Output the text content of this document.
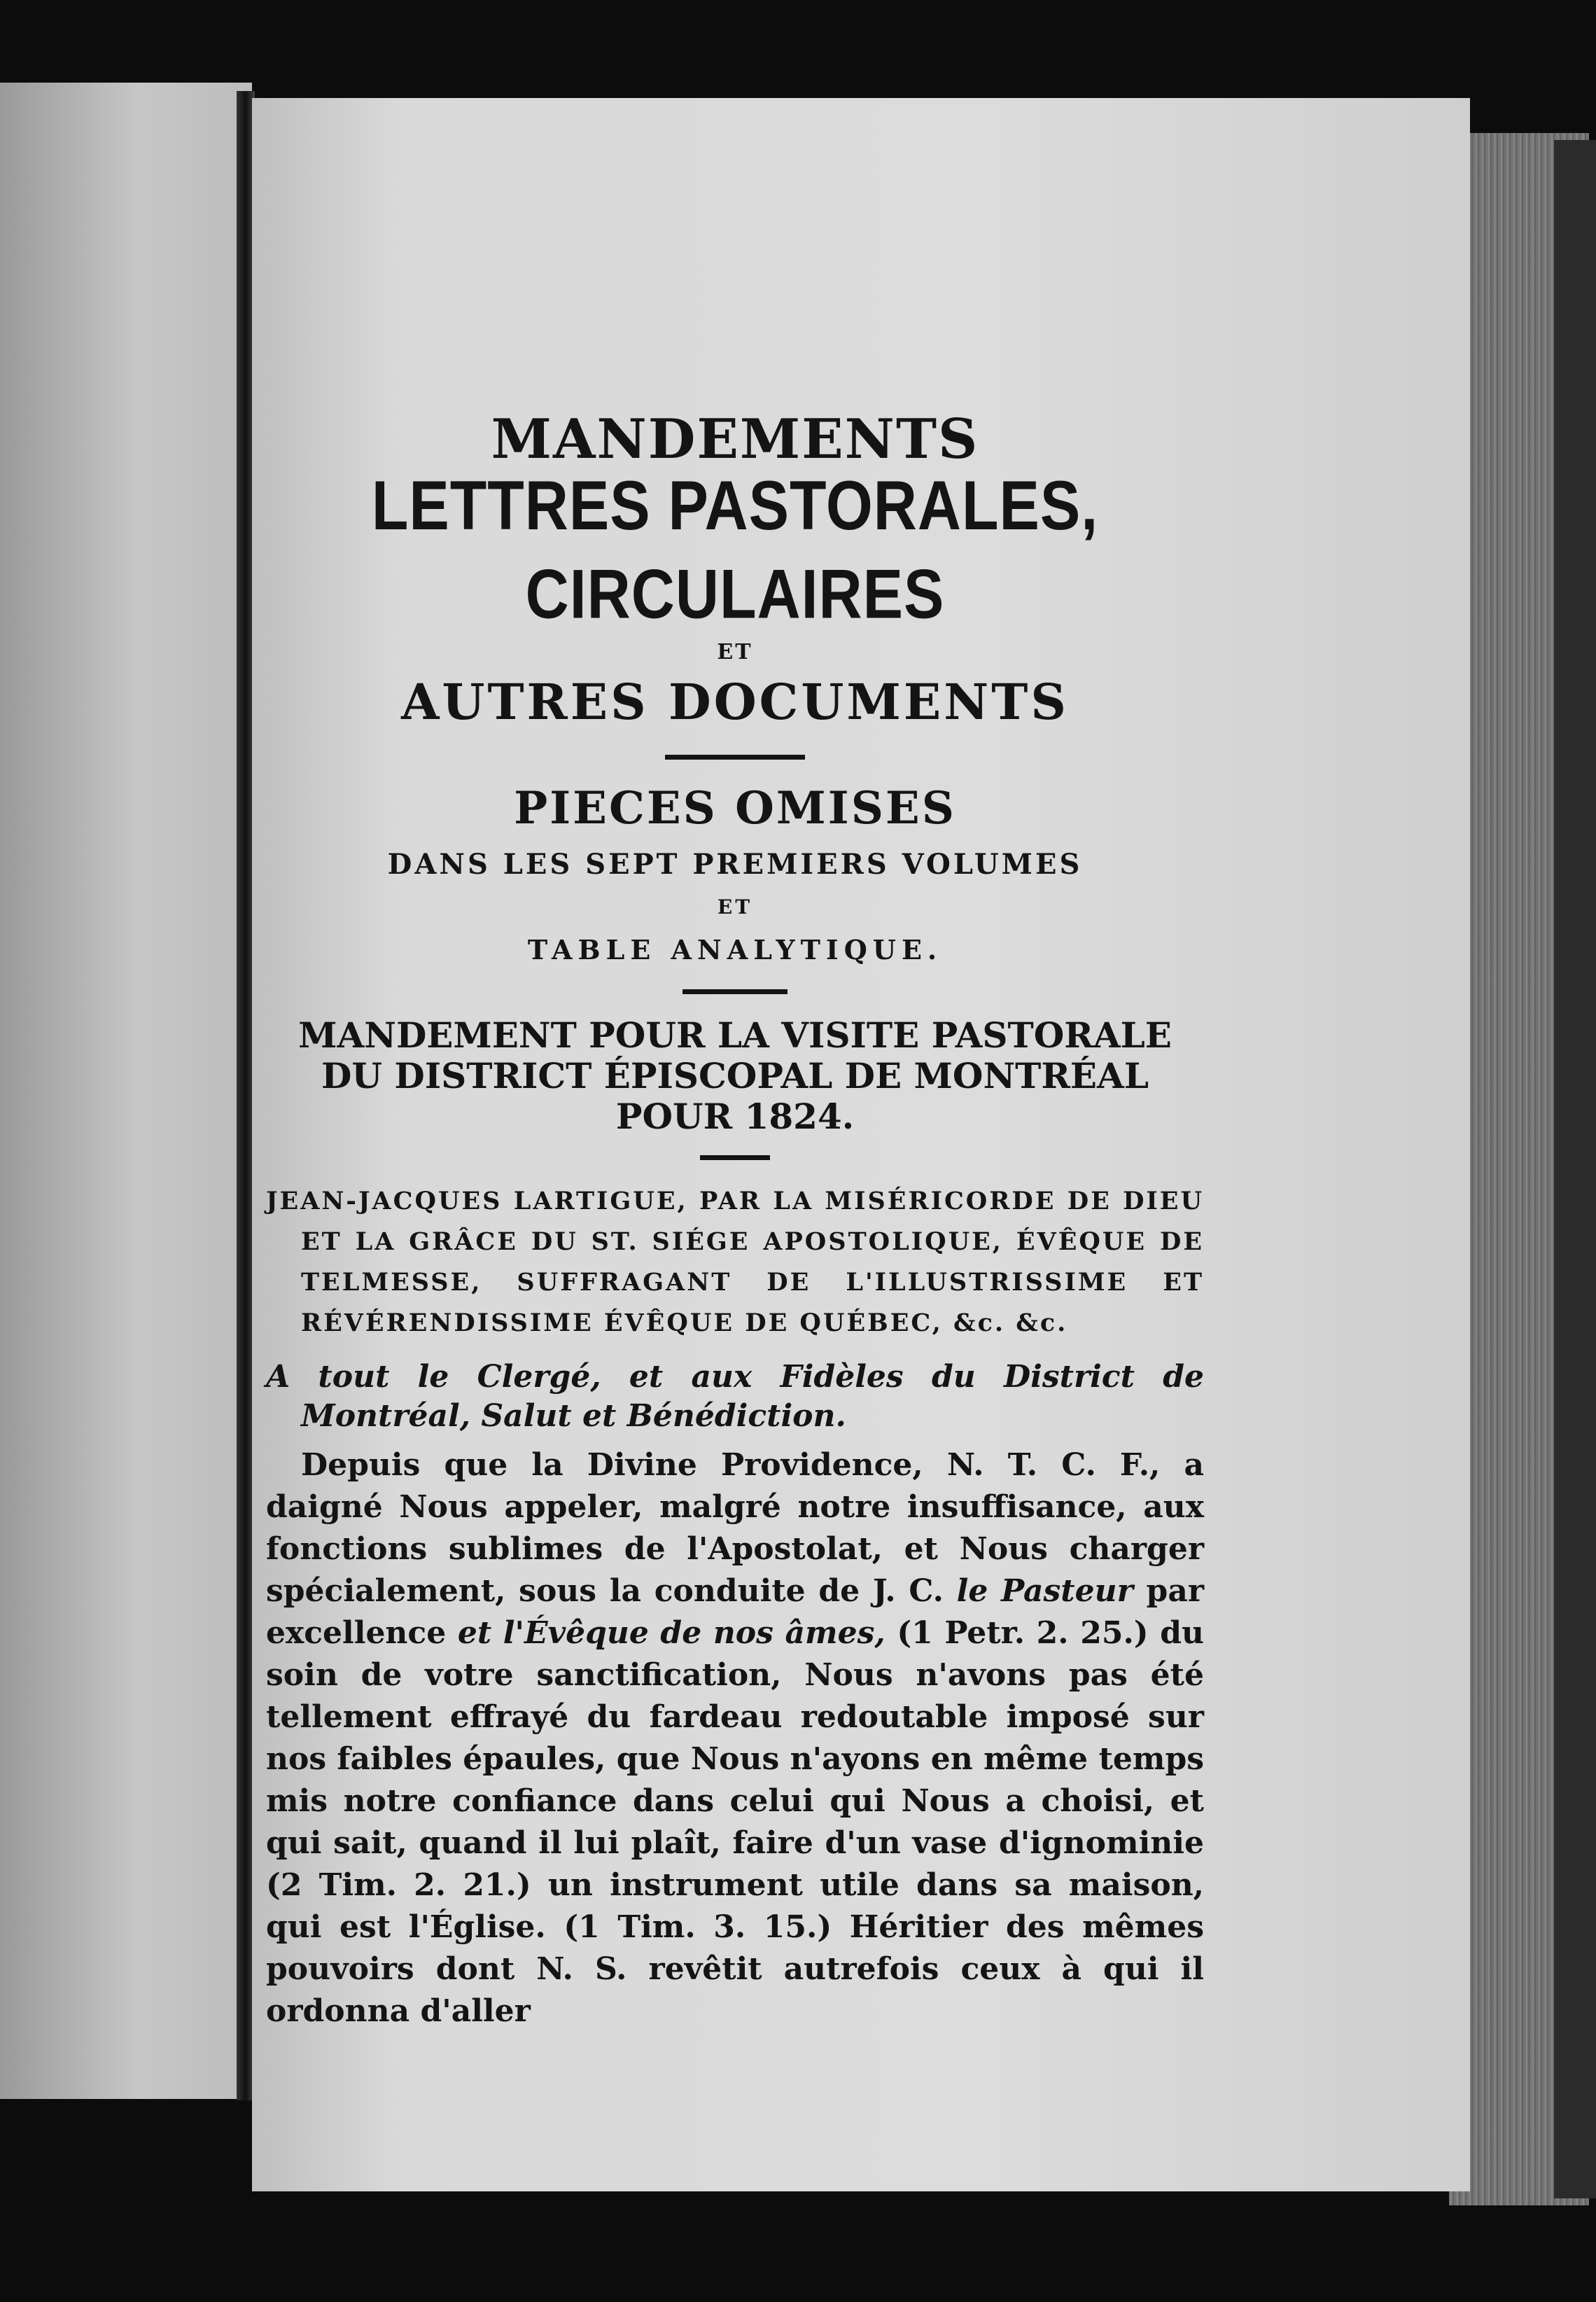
MANDEMENTS

LETTRES PASTORALES, CIRCULAIRES

ET

AUTRES DOCUMENTS

PIECES OMISES

DANS LES SEPT PREMIERS VOLUMES

ET

TABLE ANALYTIQUE.

MANDEMENT POUR LA VISITE PASTORALE DU DISTRICT ÉPISCOPAL DE MONTRÉAL POUR 1824.

JEAN-JACQUES LARTIGUE, PAR LA MISÉRICORDE DE DIEU ET LA GRÂCE DU ST. SIÉGE APOSTOLIQUE, ÉVÊQUE DE TELMESSE, SUFFRAGANT DE L'ILLUSTRISSIME ET RÉVÉRENDISSIME ÉVÊQUE DE QUÉBEC, &c. &c.

A tout le Clergé, et aux Fidèles du District de Montréal, Salut et Bénédiction.

Depuis que la Divine Providence, N. T. C. F., a daigné Nous appeler, malgré notre insuffisance, aux fonctions sublimes de l'Apostolat, et Nous charger spécialement, sous la conduite de J. C. le Pasteur par excellence et l'Évêque de nos âmes, (1 Petr. 2. 25.) du soin de votre sanctification, Nous n'avons pas été tellement effrayé du fardeau redoutable imposé sur nos faibles épaules, que Nous n'ayons en même temps mis notre confiance dans celui qui Nous a choisi, et qui sait, quand il lui plaît, faire d'un vase d'ignominie (2 Tim. 2. 21.) un instrument utile dans sa maison, qui est l'Église. (1 Tim. 3. 15.) Héritier des mêmes pouvoirs dont N. S. revêtit autrefois ceux à qui il ordonna d'aller
